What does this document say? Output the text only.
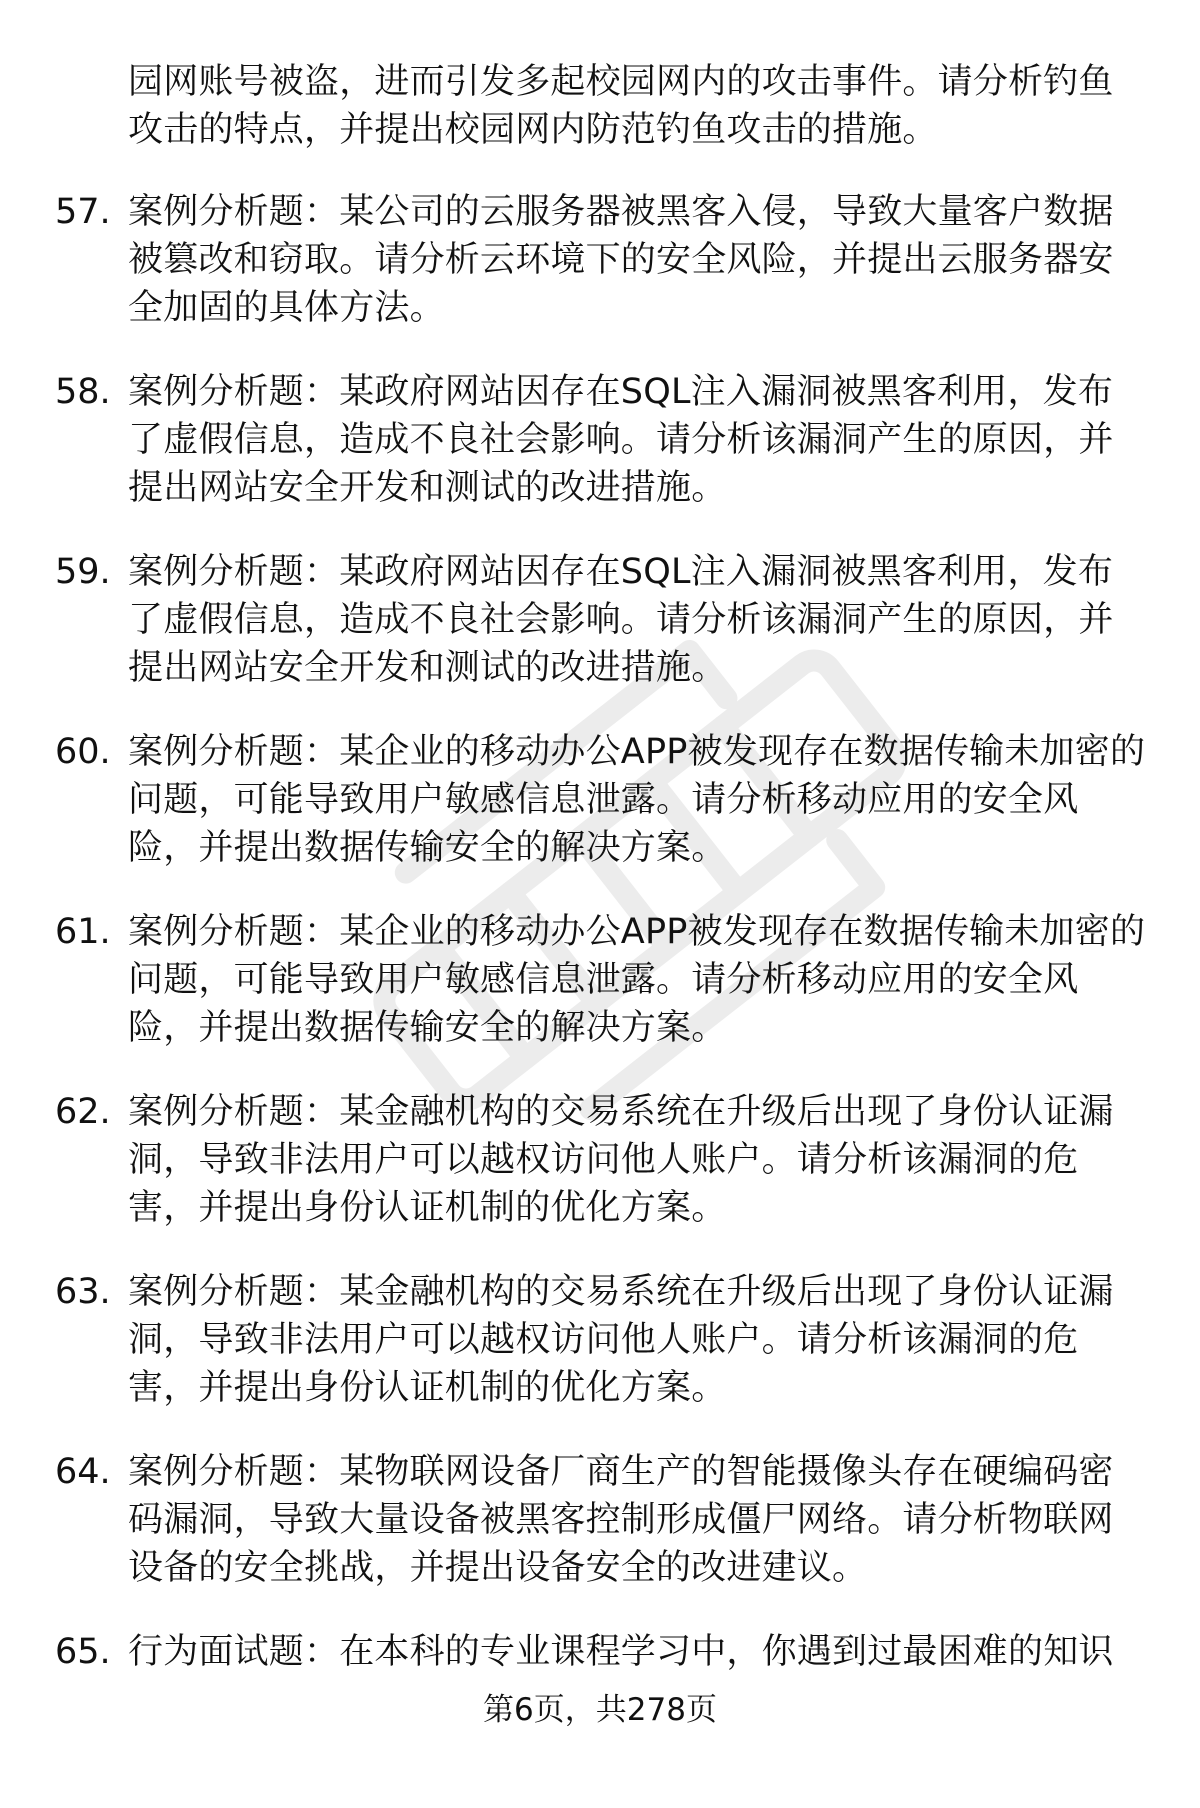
园网账号被盗，进而引发多起校园网内的攻击事件。请分析钓鱼攻击的特点，并提出校园网内防范钓鱼攻击的措施。
57. 案例分析题：某公司的云服务器被黑客入侵，导致大量客户数据被篡改和窃取。请分析云环境下的安全风险，并提出云服务器安全加固的具体方法。
58. 案例分析题：某政府网站因存在SQL注入漏洞被黑客利用，发布了虚假信息，造成不良社会影响。请分析该漏洞产生的原因，并提出网站安全开发和测试的改进措施。
59. 案例分析题：某政府网站因存在SQL注入漏洞被黑客利用，发布了虚假信息，造成不良社会影响。请分析该漏洞产生的原因，并提出网站安全开发和测试的改进措施。
60. 案例分析题：某企业的移动办公APP被发现存在数据传输未加密的问题，可能导致用户敏感信息泄露。请分析移动应用的安全风险，并提出数据传输安全的解决方案。
61. 案例分析题：某企业的移动办公APP被发现存在数据传输未加密的问题，可能导致用户敏感信息泄露。请分析移动应用的安全风险，并提出数据传输安全的解决方案。
62. 案例分析题：某金融机构的交易系统在升级后出现了身份认证漏洞，导致非法用户可以越权访问他人账户。请分析该漏洞的危害，并提出身份认证机制的优化方案。
63. 案例分析题：某金融机构的交易系统在升级后出现了身份认证漏洞，导致非法用户可以越权访问他人账户。请分析该漏洞的危害，并提出身份认证机制的优化方案。
64. 案例分析题：某物联网设备厂商生产的智能摄像头存在硬编码密码漏洞，导致大量设备被黑客控制形成僵尸网络。请分析物联网设备的安全挑战，并提出设备安全的改进建议。
65. 行为面试题：在本科的专业课程学习中，你遇到过最困难的知识
第6页，共278页
